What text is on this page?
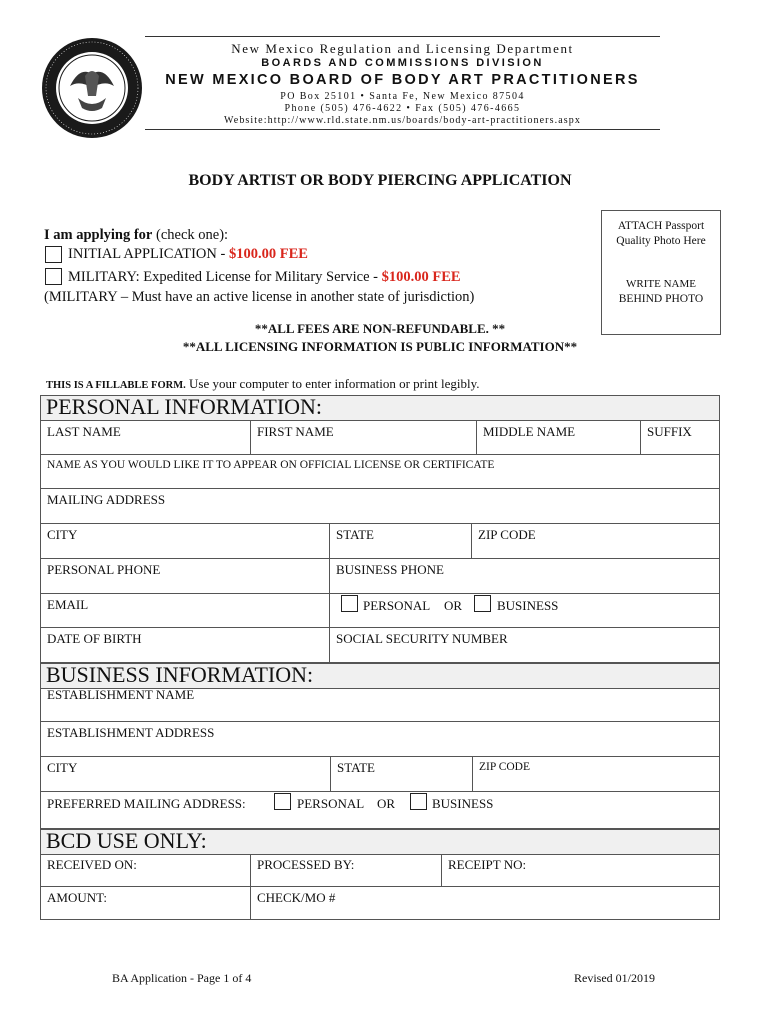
New Mexico Regulation and Licensing Department
BOARDS AND COMMISSIONS DIVISION
NEW MEXICO BOARD OF BODY ART PRACTITIONERS
PO Box 25101 • Santa Fe, New Mexico 87504
Phone (505) 476-4622 • Fax (505) 476-4665
Website:http://www.rld.state.nm.us/boards/body-art-practitioners.aspx
BODY ARTIST OR BODY PIERCING APPLICATION
ATTACH Passport
Quality Photo Here
WRITE NAME
BEHIND PHOTO
I am applying for (check one):
INITIAL APPLICATION - $100.00 FEE
MILITARY: Expedited License for Military Service - $100.00 FEE
(MILITARY – Must have an active license in another state of jurisdiction)
**ALL FEES ARE NON-REFUNDABLE. **
**ALL LICENSING INFORMATION IS PUBLIC INFORMATION**
THIS IS A FILLABLE FORM. Use your computer to enter information or print legibly.
PERSONAL INFORMATION:
LAST NAME	FIRST NAME	MIDDLE NAME	SUFFIX
NAME AS YOU WOULD LIKE IT TO APPEAR ON OFFICIAL LICENSE OR CERTIFICATE
MAILING ADDRESS
CITY	STATE	ZIP CODE
PERSONAL PHONE	BUSINESS PHONE
EMAIL	PERSONAL OR	BUSINESS
DATE OF BIRTH	SOCIAL SECURITY NUMBER
BUSINESS INFORMATION:
ESTABLISHMENT NAME
ESTABLISHMENT ADDRESS
CITY	STATE	ZIP CODE
PREFERRED MAILING ADDRESS:	PERSONAL OR	BUSINESS
BCD USE ONLY:
RECEIVED ON:	PROCESSED BY:	RECEIPT NO:
AMOUNT:	CHECK/MO #
BA Application - Page 1 of 4	Revised 01/2019
